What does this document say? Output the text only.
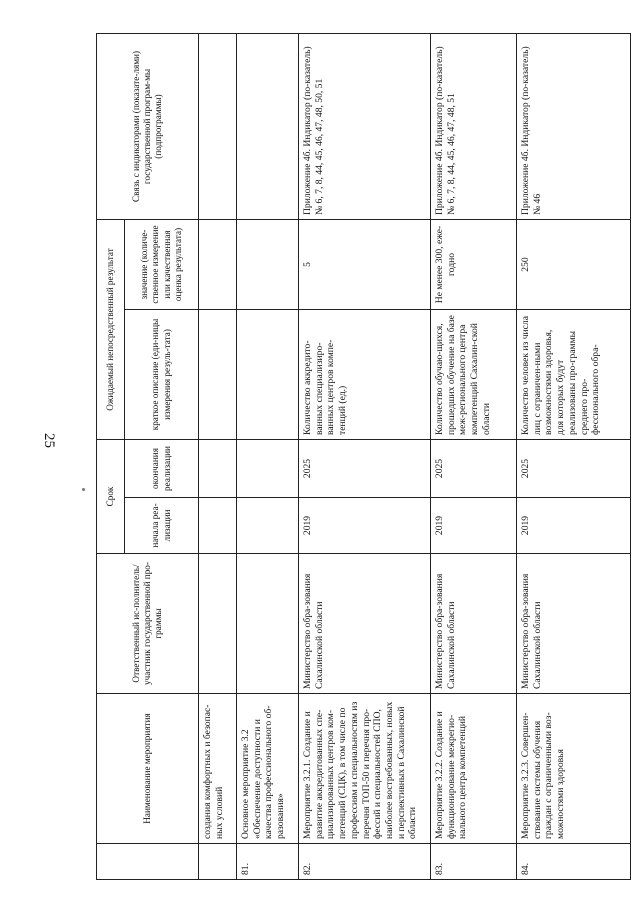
25
	Наименование мероприятия	Ответственный ис-полнитель/участник государственной про-граммы	Срок		Ожидаемый непосредственный результат		Связь с индикаторами (показате-лями) государственной програм-мы (подпрограммы)
			начала реа-лизации	окончания реализации	краткое описание (еди-ницы измерения резуль-тата)	значение (количе-ственное измерение или качественная оценка результата)	
	создания комфортных и безопас-ных условий						
81.	Основное мероприятие 3.2 «Обеспечение доступности и качества профессионального об-разования»						
82.	Мероприятие 3.2.1. Создание и развитие аккредитованных спе-циализированных центров ком-петенций (СЦК), в том числе по профессиям и специальностям из перечня ТОП-50 и перечня про-фессий и специальностей СПО, наиболее востребованных, новых и перспективных в Сахалинской области	Министерство обра-зования Сахалинской области	2019	2025	Количество аккредито-ванных специализиро-ванных центров компе-тенций (ед.)	5	Приложение 4б. Индикатор (по-казатель) № 6, 7, 8, 44, 45, 46, 47, 48, 50, 51
83.	Мероприятие 3.2.2. Создание и функционирование межрегио-нального центра компетенций	Министерство обра-зования Сахалинской области	2019	2025	Количество обучаю-щихся, прошедших обучение на базе меж-регионального центра компетенций Сахалин-ской области	Не менее 300, еже-годно	Приложение 4б. Индикатор (по-казатель) № 6, 7, 8, 44, 45, 46, 47, 48, 51
84.	Мероприятие 3.2.3. Совершен-ствование системы обучения граждан с ограниченными воз-можностями здоровья	Министерство обра-зования Сахалинской области	2019	2025	Количество человек из числа лиц с ограничен-ными возможностями здоровья, для которых будут реализованы про-граммы среднего про-фессионального обра-	250	Приложение 4б. Индикатор (по-казатель) № 46
